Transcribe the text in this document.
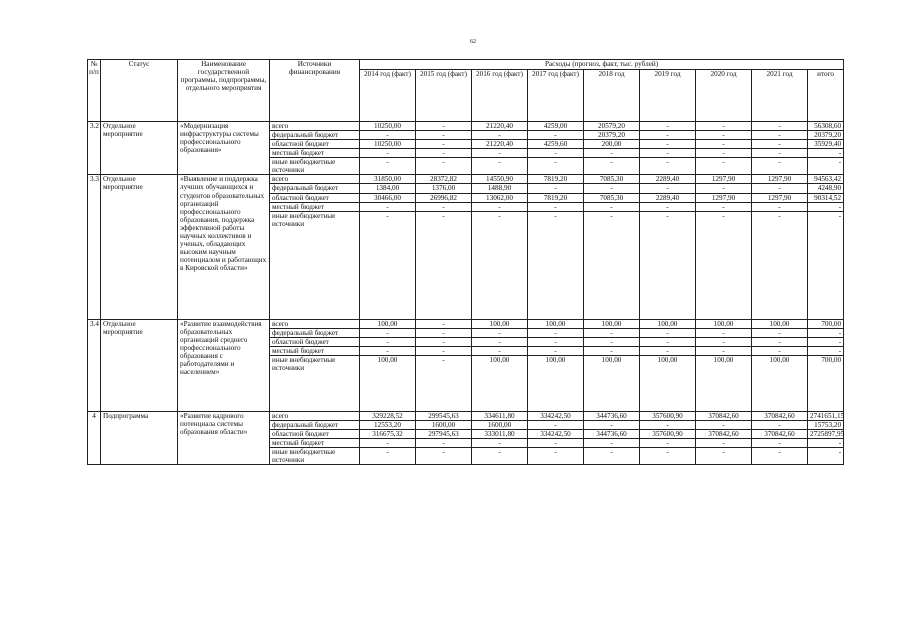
62
№ п/п	Статус	Наименование государственной программы, подпрограммы, отдельного мероприятия	Источники финансирования	Расходы (прогноз, факт, тыс. рублей)								
				2014 год (факт)	2015 год (факт)	2016 год (факт)	2017 год (факт)	2018 год	2019 год	2020 год	2021 год	итого
3.2	Отдельное мероприятие	«Модернизация инфраструктуры системы профессионального образования»	всего	10250,00	-	21220,40	4259,00	20579,20	-	-	-	56308,60
			федеральный бюджет	-	-	-	-	20379,20	-	-	-	20379,20
			областной бюджет	10250,00	-	21220,40	4259,60	200,00	-	-	-	35929,40
			местный бюджет	-	-	-	-	-	-	-	-	-
			иные внебюджетные источники	-	-	-	-	-	-	-	-	-
3.3	Отдельное мероприятие	«Выявление и поддержка лучших обучающихся и студентов образовательных организаций профессионального образования, поддержка эффективной работы научных коллективов и ученых, обладающих высоким научным потенциалом и работающих в Кировской области»	всего	31850,00	28372,82	14550,90	7819,20	7085,30	2289,40	1297,90	1297,90	94563,42
			федеральный бюджет	1384,00	1376,00	1488,90	-	-	-	-	-	4248,90
			областной бюджет	30466,00	26996,82	13062,00	7819,20	7085,30	2289,40	1297,90	1297,90	90314,52
			местный бюджет	-	-	-	-	-	-	-	-	-
			иные внебюджетные источники	-	-	-	-	-	-	-	-	-
3.4	Отдельное мероприятие	«Развитие взаимодействия образовательных организаций среднего профессионального образования с работодателями и населением»	всего	100,00	-	100,00	100,00	100,00	100,00	100,00	100,00	700,00
			федеральный бюджет	-	-	-	-	-	-	-	-	-
			областной бюджет	-	-	-	-	-	-	-	-	-
			местный бюджет	-	-	-	-	-	-	-	-	-
			иные внебюджетные источники	100,00	-	100,00	100,00	100,00	100,00	100,00	100,00	700,00
4	Подпрограмма	«Развитие кадрового потенциала системы образования области»	всего	329228,52	299545,63	334611,80	334242,50	344736,60	357600,90	370842,60	370842,60	2741651,15
			федеральный бюджет	12553,20	1600,00	1600,00	-	-	-	-	-	15753,20
			областной бюджет	316675,32	297945,63	333011,80	334242,50	344736,60	357600,90	370842,60	370842,60	2725897,95
			местный бюджет	-	-	-	-	-	-	-	-	-
			иные внебюджетные источники	-	-	-	-	-	-	-	-	-
